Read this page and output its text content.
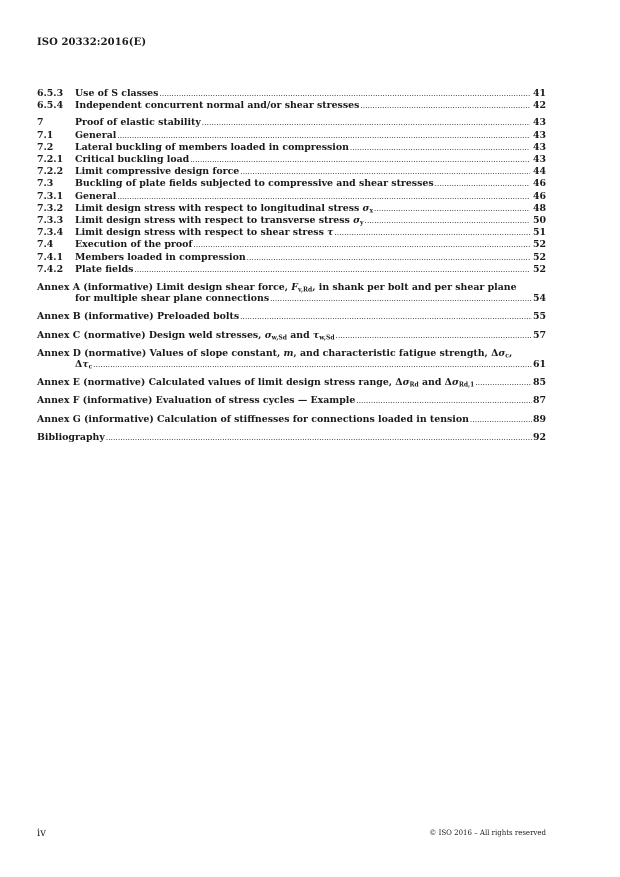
ISO 20332:2016(E)
6.5.3	Use of S classes .....	41
6.5.4	Independent concurrent normal and/or shear stresses .....	42
7	Proof of elastic stability .....	43
7.1	General .....	43
7.2	Lateral buckling of members loaded in compression .....	43
7.2.1	Critical buckling load .....	43
7.2.2	Limit compressive design force .....	44
7.3	Buckling of plate fields subjected to compressive and shear stresses .....	46
7.3.1	General .....	46
7.3.2	Limit design stress with respect to longitudinal stress $\sigma_x$ .....	48
7.3.3	Limit design stress with respect to transverse stress $\sigma_y$ .....	50
7.3.4	Limit design stress with respect to shear stress τ .....	51
7.4	Execution of the proof .....	52
7.4.1	Members loaded in compression .....	52
7.4.2	Plate fields .....	52
Annex A (informative) Limit design shear force, $F_{v,Rd}$, in shank per bolt and per shear plane
for multiple shear plane connections .....	54
Annex B (informative) Preloaded bolts .....	55
Annex C (normative) Design weld stresses, $\sigma_{w,Sd}$ and $\tau_{w,Sd}$ .....	57
Annex D (normative) Values of slope constant, m, and characteristic fatigue strength, $\Delta\sigma_c$,
$\Delta\tau_c$ .....	61
Annex E (normative) Calculated values of limit design stress range, $\Delta\sigma_{Rd}$ and $\Delta\sigma_{Rd,1}$ .....	85
Annex F (informative) Evaluation of stress cycles — Example .....	87
Annex G (informative) Calculation of stiffnesses for connections loaded in tension .....	89
Bibliography .....	92
iv	© ISO 2016 – All rights reserved
